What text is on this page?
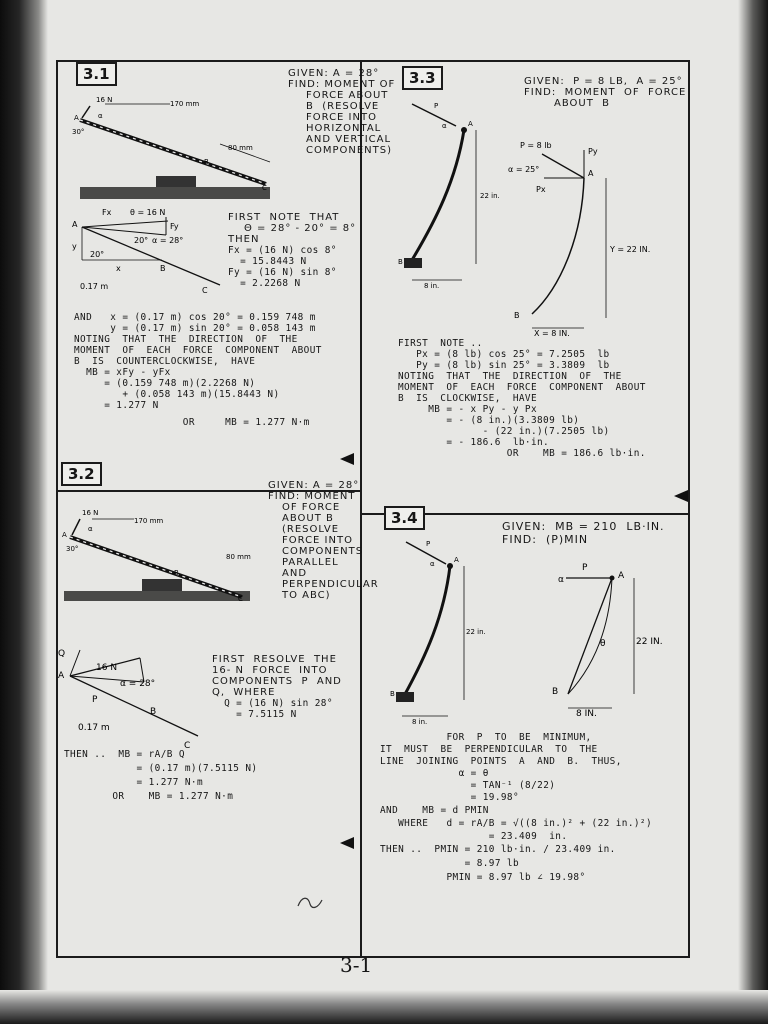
3.1	GIVEN: Α = 28°
FIND: MOMENT OF
FORCE ABOUT
B  (RESOLVE
FORCE INTO
HORIZONTAL
AND VERTICAL
COMPONENTS)
16 N	170 mm
80 mm
30°
α
A
B
C
Fx θ = 16 N
Fy
20° α = 28°
20°
x
y
0.17 m
A
B
C
FIRST  NOTE  THAT
Θ = 28° - 20° = 8°
THEN
Fx = (16 N) cos 8°
= 15.8443 N
Fy = (16 N) sin 8°
= 2.2268 N
AND   x = (0.17 m) cos 20° = 0.159 748 m
y = (0.17 m) sin 20° = 0.058 143 m
NOTING  THAT  THE  DIRECTION  OF  THE
MOMENT  OF  EACH  FORCE  COMPONENT  ABOUT
B  IS  COUNTERCLOCKWISE,  HAVE
MB = xFy - yFx
= (0.159 748 m)(2.2268 N)
+ (0.058 143 m)(15.8443 N)
= 1.277 N
OR     MB = 1.277 N·m
3.2
GIVEN: Α = 28°
FIND: MOMENT
OF FORCE
ABOUT B
(RESOLVE
FORCE INTO
COMPONENTS
PARALLEL
AND
PERPENDICULAR
TO ABC)
16 N
170 mm
80 mm
30°
α
A
B
C
Q
16 N
α = 28°
P
0.17 m
A
B
C
FIRST  RESOLVE  THE
16- N  FORCE  INTO
COMPONENTS  P  AND
Q,  WHERE
Q = (16 N) sin 28°
= 7.5115 N
THEN ..  MB = rA/B Q
= (0.17 m)(7.5115 N)
= 1.277 N·m
OR    MB = 1.277 N·m
3.3	GIVEN:  P = 8 LB,  Α = 25°
FIND:  MOMENT  OF  FORCE
ABOUT  B
P
α	A
B
22 in.
8 in.
P = 8 lb
Py
α = 25°	A
Px
Y = 22 IN.
B
X = 8 IN.
FIRST  NOTE ..
Px = (8 lb) cos 25° = 7.2505  lb
Py = (8 lb) sin 25° = 3.3809  lb
NOTING  THAT  THE  DIRECTION  OF  THE
MOMENT  OF  EACH  FORCE  COMPONENT  ABOUT
B  IS  CLOCKWISE,  HAVE
MB = - x Py - y Px
= - (8 in.)(3.3809 lb)
- (22 in.)(7.2505 lb)
= - 186.6  lb·in.
OR    MB = 186.6 lb·in.
3.4	GIVEN:  MB = 210  LB·IN.
FIND:  (P)MIN
P
α	A
B
22 in.
8 in.
P
α	A
θ	22 IN.
B
8 IN.
FOR  P  TO  BE  MINIMUM,
IT  MUST  BE  PERPENDICULAR  TO  THE
LINE  JOINING  POINTS  A  AND  B.  THUS,
α = θ
= TAN⁻¹ (8/22)
= 19.98°
AND    MB = d PMIN
WHERE   d = rA/B = √((8 in.)² + (22 in.)²)
= 23.409  in.
THEN ..  PMIN = 210 lb·in. / 23.409 in.
= 8.97 lb
PMIN = 8.97 lb ∠ 19.98°
3-1
